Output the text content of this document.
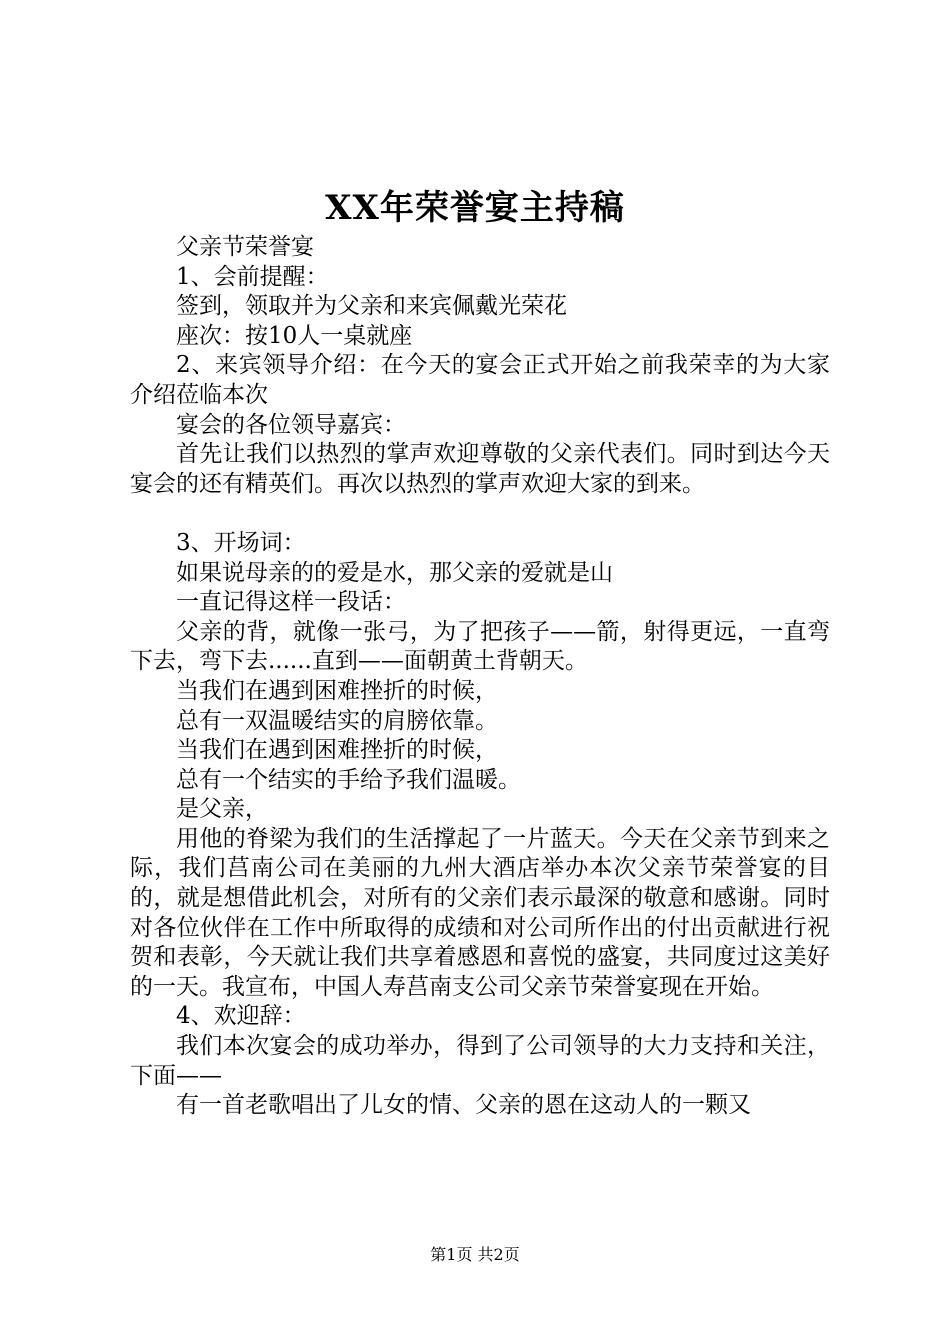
XX年荣誉宴主持稿

父亲节荣誉宴

1、会前提醒：

签到，领取并为父亲和来宾佩戴光荣花

座次：按10人一桌就座

2、来宾领导介绍：在今天的宴会正式开始之前我荣幸的为大家介绍莅临本次

宴会的各位领导嘉宾：

首先让我们以热烈的掌声欢迎尊敬的父亲代表们。同时到达今天宴会的还有精英们。再次以热烈的掌声欢迎大家的到来。

3、开场词：

如果说母亲的的爱是水，那父亲的爱就是山

一直记得这样一段话：

父亲的背，就像一张弓，为了把孩子——箭，射得更远，一直弯下去，弯下去......直到——面朝黄土背朝天。

当我们在遇到困难挫折的时候，

总有一双温暖结实的肩膀依靠。

当我们在遇到困难挫折的时候，

总有一个结实的手给予我们温暖。

是父亲，

用他的脊梁为我们的生活撑起了一片蓝天。今天在父亲节到来之际，我们莒南公司在美丽的九州大酒店举办本次父亲节荣誉宴的目的，就是想借此机会，对所有的父亲们表示最深的敬意和感谢。同时对各位伙伴在工作中所取得的成绩和对公司所作出的付出贡献进行祝贺和表彰，今天就让我们共享着感恩和喜悦的盛宴，共同度过这美好的一天。我宣布，中国人寿莒南支公司父亲节荣誉宴现在开始。

4、欢迎辞：

我们本次宴会的成功举办，得到了公司领导的大力支持和关注，下面——

有一首老歌唱出了儿女的情、父亲的恩在这动人的一颗又

第1页 共2页
